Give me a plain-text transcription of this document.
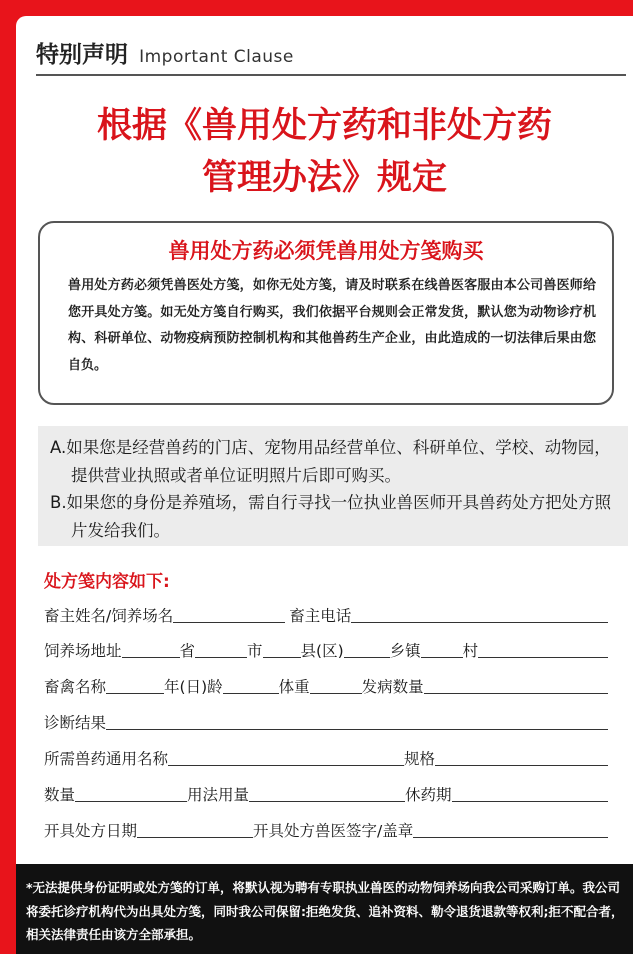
特别声明 Important Clause
根据《兽用处方药和非处方药
管理办法》规定
兽用处方药必须凭兽用处方笺购买
兽用处方药必须凭兽医处方笺，如你无处方笺，请及时联系在线兽医客服由本公司兽医师给您开具处方笺。如无处方笺自行购买，我们依据平台规则会正常发货，默认您为动物诊疗机构、科研单位、动物疫病预防控制机构和其他兽药生产企业，由此造成的一切法律后果由您自负。
A.如果您是经营兽药的门店、宠物用品经营单位、科研单位、学校、动物园，提供营业执照或者单位证明照片后即可购买。
B.如果您的身份是养殖场，需自行寻找一位执业兽医师开具兽药处方把处方照片发给我们。
处方笺内容如下:
畜主姓名/饲养场名	畜主电话
饲养场地址	省	市 县(区)	乡镇	村
畜禽名称	年(日)龄	体重	发病数量
诊断结果
所需兽药通用名称	规格
数量	用法用量	休药期
开具处方日期	开具处方兽医签字/盖章
*无法提供身份证明或处方笺的订单，将默认视为聘有专职执业兽医的动物饲养场向我公司采购订单。我公司将委托诊疗机构代为出具处方笺，同时我公司保留:拒绝发货、追补资料、勒令退货退款等权利;拒不配合者，相关法律责任由该方全部承担。
